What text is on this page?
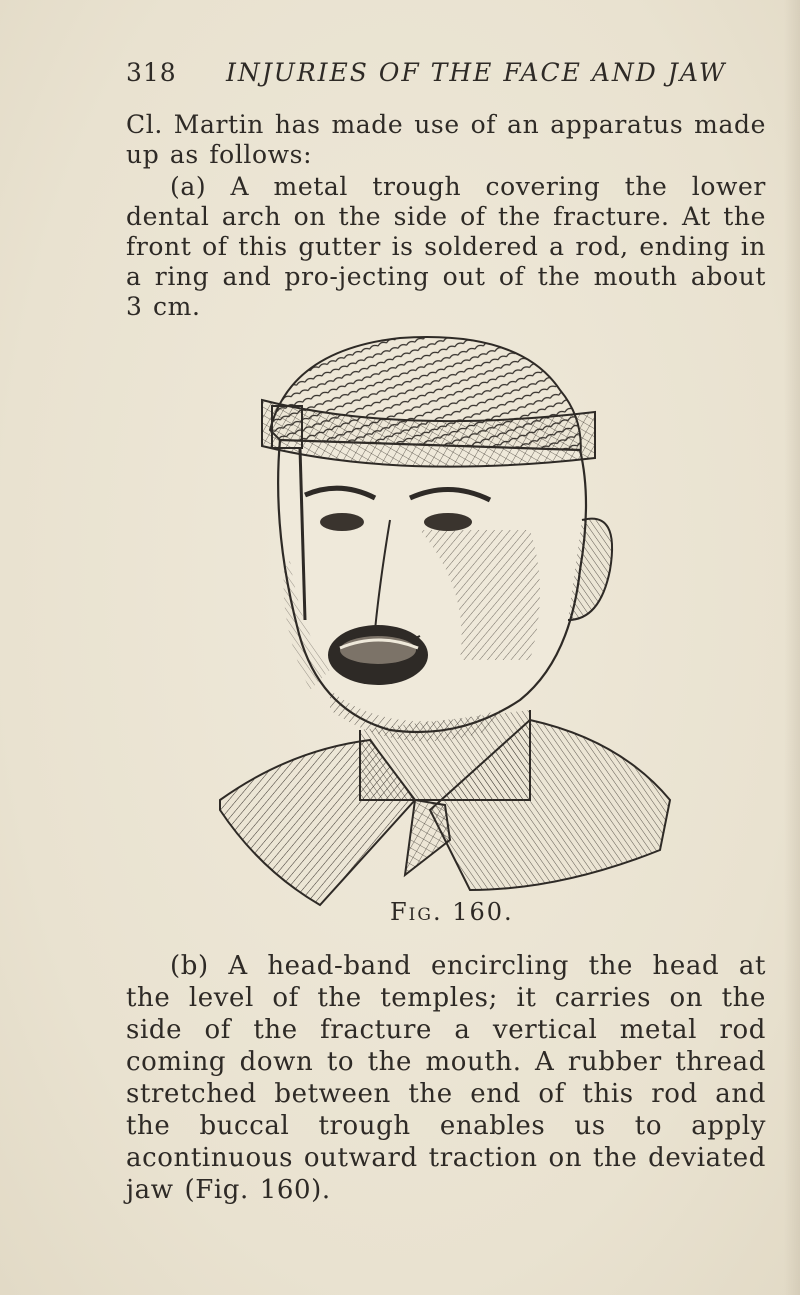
318 INJURIES OF THE FACE AND JAW

Cl. Martin has made use of an apparatus made up as follows:

(a) A metal trough covering the lower dental arch on the side of the fracture. At the front of this gutter is soldered a rod, ending in a ring and pro-jecting out of the mouth about 3 cm.

Fig. 160.

(b) A head-band encircling the head at the level of the temples; it carries on the side of the fracture a vertical metal rod coming down to the mouth. A rubber thread stretched between the end of this rod and the buccal trough enables us to apply acontinuous outward traction on the deviated jaw (Fig. 160).
